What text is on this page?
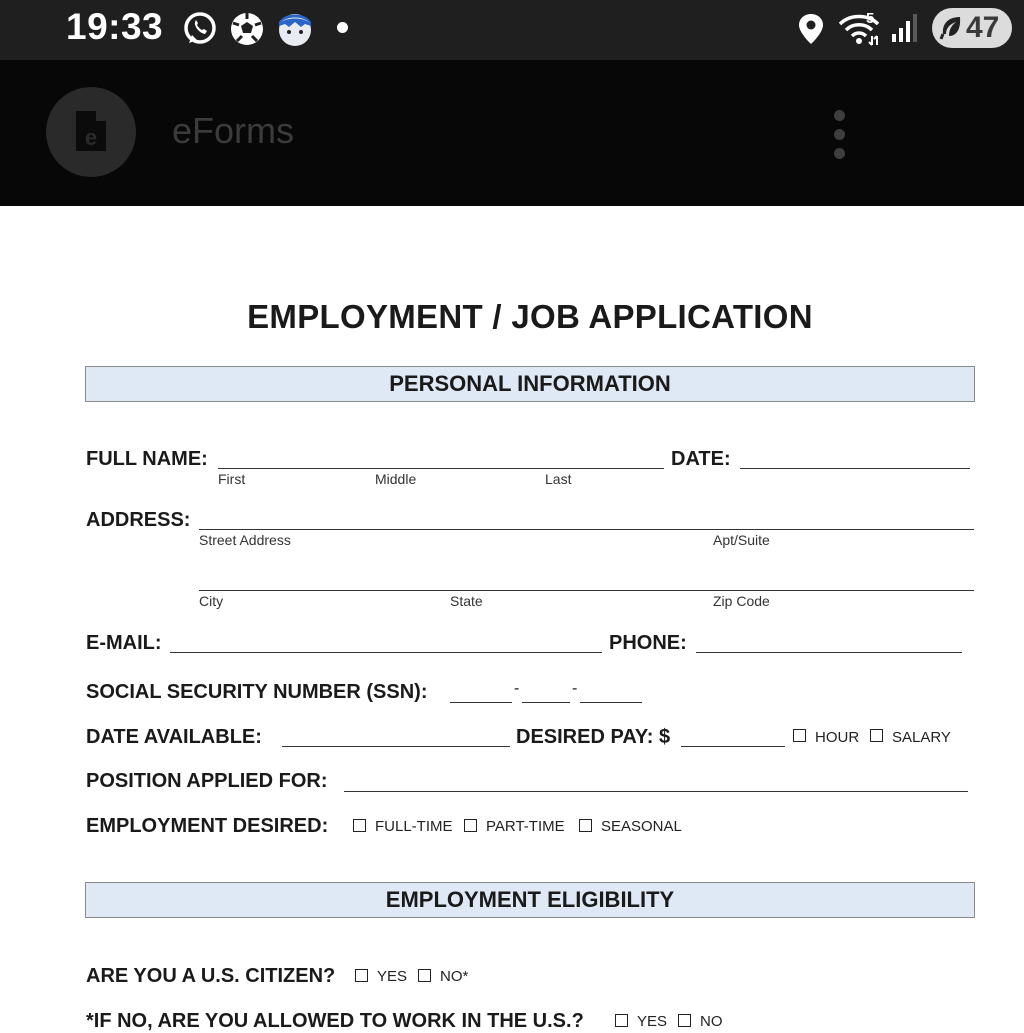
19:33	5	47
e eForms
EMPLOYMENT / JOB APPLICATION
PERSONAL INFORMATION
FULL NAME:
First	Middle	Last
DATE:
ADDRESS:
Street Address	Apt/Suite
City	State	Zip Code
E-MAIL:	PHONE:
SOCIAL SECURITY NUMBER (SSN):	-	-
DATE AVAILABLE:	DESIRED PAY: $	HOUR SALARY
POSITION APPLIED FOR:
EMPLOYMENT DESIRED:	FULL-TIME PART-TIME SEASONAL
EMPLOYMENT ELIGIBILITY
ARE YOU A U.S. CITIZEN?	YES NO*
*IF NO, ARE YOU ALLOWED TO WORK IN THE U.S.?	YES NO
